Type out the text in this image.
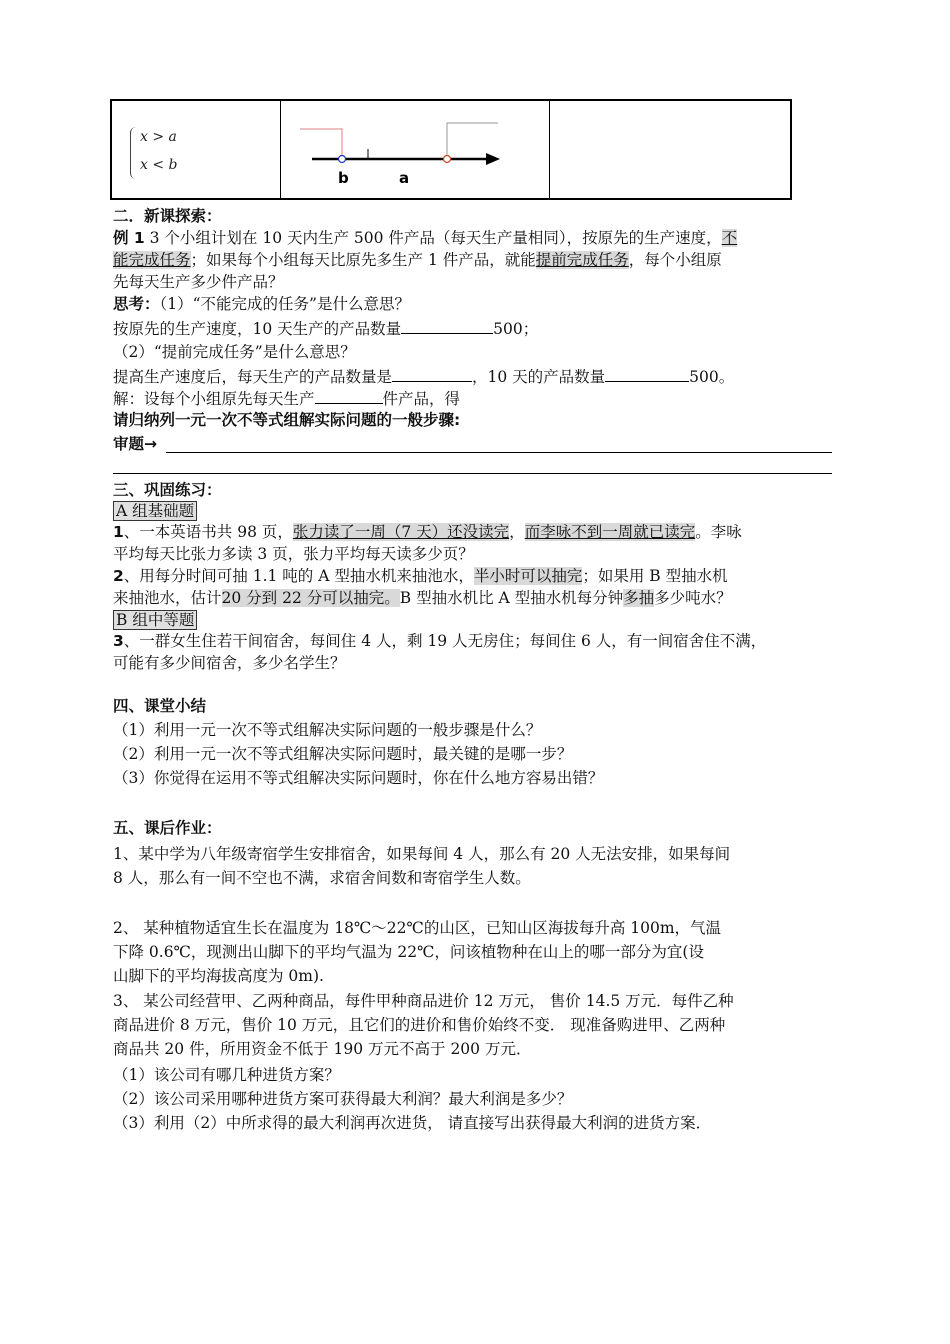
x > a
x < b
b	a
二．新课探索：
例 1 3 个小组计划在 10 天内生产 500 件产品（每天生产量相同），按原先的生产速度，不
能完成任务；如果每个小组每天比原先多生产 1 件产品，就能提前完成任务，每个小组原
先每天生产多少件产品？
思考：（1）“不能完成的任务”是什么意思？
按原先的生产速度，10 天生产的产品数量	500；
（2）“提前完成任务”是什么意思？
提高生产速度后，每天生产的产品数量是	，10 天的产品数量	500。
解：设每个小组原先每天生产	件产品，得
请归纳列一元一次不等式组解实际问题的一般步骤:
审题→
三、巩固练习：
A 组基础题
1、一本英语书共 98 页，张力读了一周（7 天）还没读完，而李咏不到一周就已读完。李咏
平均每天比张力多读 3 页，张力平均每天读多少页？
2、用每分时间可抽 1.1 吨的 A 型抽水机来抽池水，半小时可以抽完；如果用 B 型抽水机
来抽池水，估计20 分到 22 分可以抽完。B 型抽水机比 A 型抽水机每分钟多抽多少吨水？
B 组中等题
3、一群女生住若干间宿舍，每间住 4 人，剩 19 人无房住；每间住 6 人，有一间宿舍住不满，
可能有多少间宿舍，多少名学生？
四、课堂小结
（1）利用一元一次不等式组解决实际问题的一般步骤是什么？
（2）利用一元一次不等式组解决实际问题时，最关键的是哪一步？
（3）你觉得在运用不等式组解决实际问题时，你在什么地方容易出错？
五、课后作业：
1、某中学为八年级寄宿学生安排宿舍，如果每间 4 人，那么有 20 人无法安排，如果每间
8 人，那么有一间不空也不满，求宿舍间数和寄宿学生人数。
2、 某种植物适宜生长在温度为 18℃～22℃的山区，已知山区海拔每升高 100m，气温
下降 0.6℃，现测出山脚下的平均气温为 22℃，问该植物种在山上的哪一部分为宜(设
山脚下的平均海拔高度为 0m).
3、 某公司经营甲、乙两种商品，每件甲种商品进价 12 万元， 售价 14.5 万元．每件乙种
商品进价 8 万元，售价 10 万元，且它们的进价和售价始终不变． 现准备购进甲、乙两种
商品共 20 件，所用资金不低于 190 万元不高于 200 万元．
（1）该公司有哪几种进货方案？
（2）该公司采用哪种进货方案可获得最大利润？最大利润是多少？
（3）利用（2）中所求得的最大利润再次进货， 请直接写出获得最大利润的进货方案．
